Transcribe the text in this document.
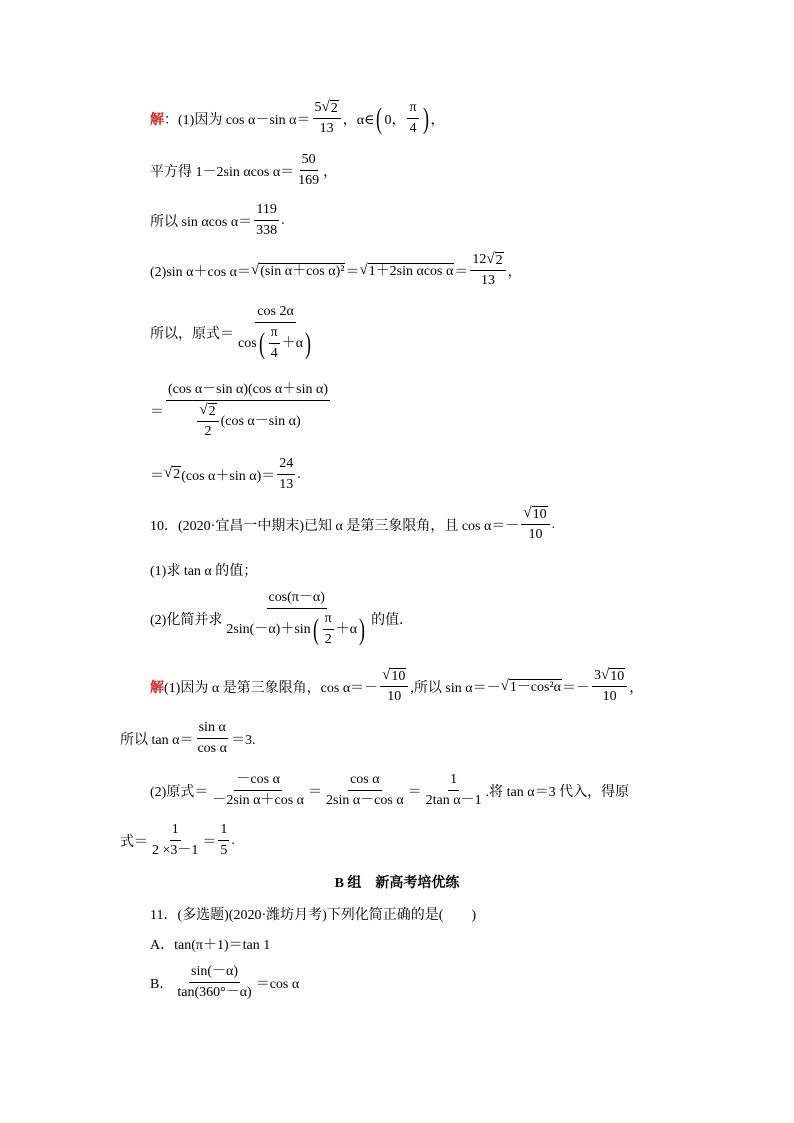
解 ：(1)因为 cos α－sin $\alpha= \frac{5 √ 2}{13}$ ，α∈ ( 0， $\frac{\pi}{4}$ ) ，
平方得 1－2sin αcos $\alpha= \frac{50}{169}$ ，
所以 sin αcos $\alpha= \frac{119}{338}$ .
(2)sin α＋cos α＝ √ (sin α＋cos α)² ＝ √ 1＋2sin αcos $\alpha = \frac{12 √ 2}{13}$ ，
所以，原式＝ $\frac{\cos 2\alpha}{\cos ( \frac{\pi}{4} +\alpha )}$
＝ $\frac{\text{(cos α－sin α)(cos α＋sin α)}}{\frac{√ 2}{2} (\cos \alpha-\sin \alpha)}$
＝ √ 2 (cos α＋sin $\alpha)= \frac{24}{13}$ .
10．(2020·宜昌一中期末)已知 α 是第三象限角，且 $\cos \alpha=- \frac{√ 10}{10}$ .
(1)求 tan α 的值；
(2)化简并求 $\frac{\cos(\pi-\alpha)}{2\sin(-\alpha)+\sin ( \frac{\pi}{2} +\alpha )}$ 的值．
解 (1)因为 α 是第三象限角，$\cos \alpha=- \frac{√ 10}{10}$ ,所以 sin α＝－ √ $1-\cos^2\alpha =- \frac{3 √ 10}{10}$ ，
所以 $\tan \alpha= \frac{\text{sin α}}{\text{cos α}} =3$.
(2)原式＝ $\frac{\text{－cos α}}{\text{－2sin α＋cos α}} = \frac{\text{cos α}}{\text{2sin α－cos α}} = \frac{1}{\text{2tan α－1}}$ .将 tan α＝3 代入，得原
式＝ $\frac{1}{2 \times 3-1} = \frac{1}{5}$ .
B 组　新高考培优练
11．(多选题)(2020·潍坊月考)下列化简正确的是(　　)
A．tan(π＋1)＝tan 1
B． $\frac{\sin(-\alpha)}{\tan(360^\circ-\alpha)} =\cos$ α
